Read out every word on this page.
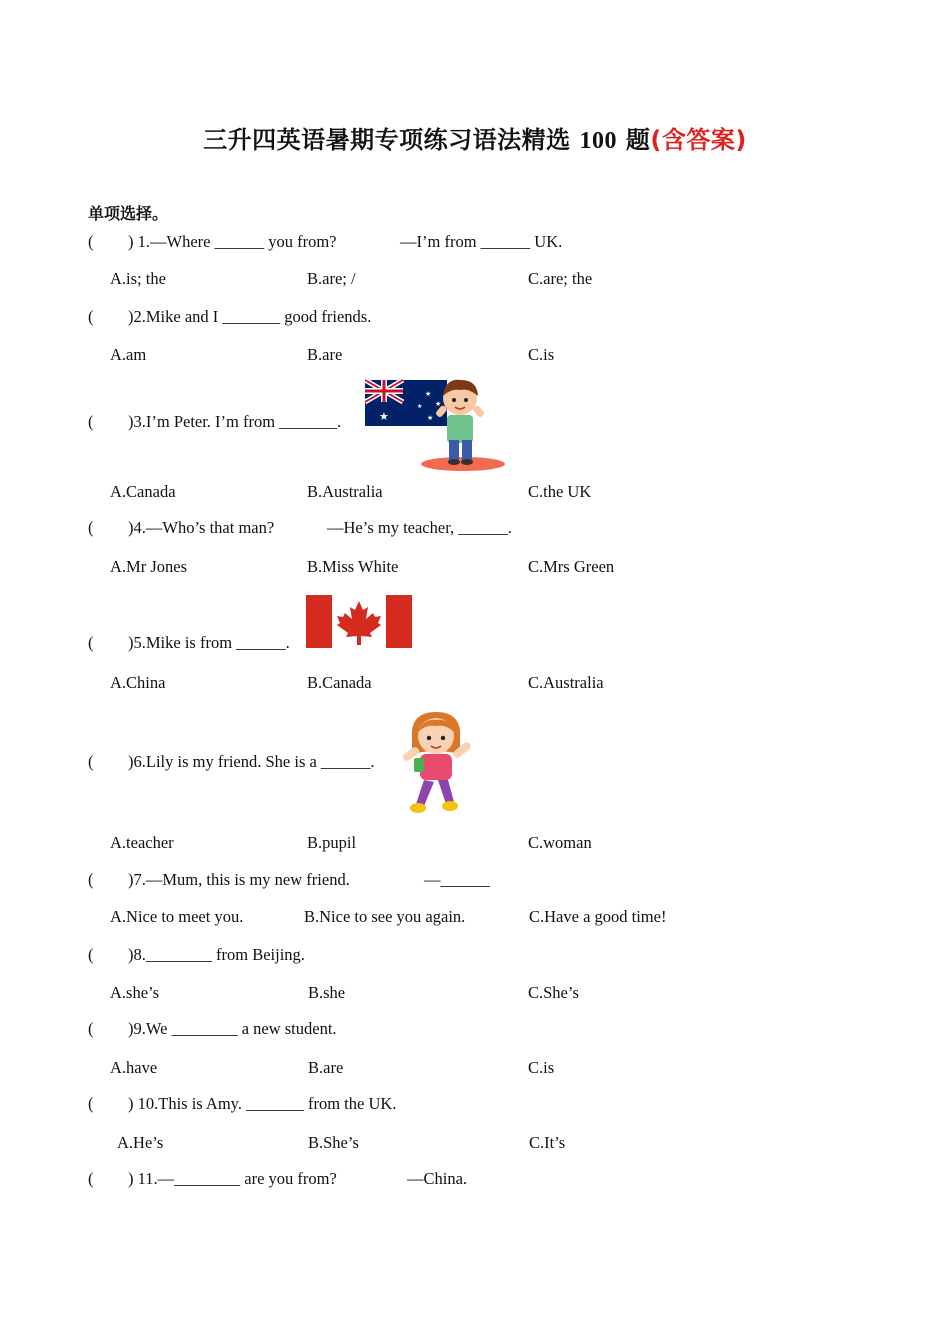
三升四英语暑期专项练习语法精选 100 题(含答案)
单项选择。
( ) 1.—Where ______ you from?	—I’m from ______ UK.
A.is; the	B.are; /	C.are; the
( )2.Mike and I _______ good friends.
A.am	B.are	C.is
( )3.I’m Peter. I’m from _______.	★
★
★
★
★
A.Canada	B.Australia	C.the UK
( )4.—Who’s that man?	—He’s my teacher, ______.
A.Mr Jones	B.Miss White	C.Mrs Green
( )5.Mike is from ______.
A.China	B.Canada	C.Australia
( )6.Lily is my friend. She is a ______.
A.teacher	B.pupil	C.woman
( )7.—Mum, this is my new friend.	—______
A.Nice to meet you.	B.Nice to see you again.	C.Have a good time!
( )8.________ from Beijing.
A.she’s	B.she	C.She’s
( )9.We ________ a new student.
A.have	B.are	C.is
( ) 10.This is Amy. _______ from the UK.
A.He’s	B.She’s	C.It’s
( ) 11.—________ are you from?	—China.
